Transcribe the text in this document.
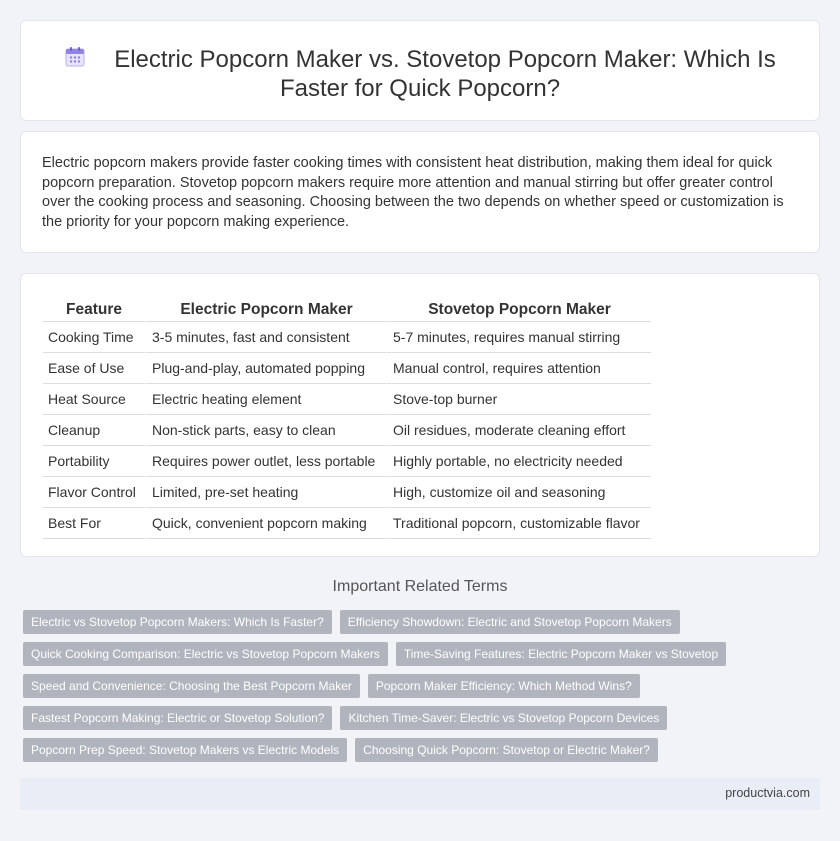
Electric Popcorn Maker vs. Stovetop Popcorn Maker: Which Is Faster for Quick Popcorn?

Electric popcorn makers provide faster cooking times with consistent heat distribution, making them ideal for quick popcorn preparation. Stovetop popcorn makers require more attention and manual stirring but offer greater control over the cooking process and seasoning. Choosing between the two depends on whether speed or customization is the priority for your popcorn making experience.

Feature	Electric Popcorn Maker	Stovetop Popcorn Maker
Cooking Time	3-5 minutes, fast and consistent	5-7 minutes, requires manual stirring
Ease of Use	Plug-and-play, automated popping	Manual control, requires attention
Heat Source	Electric heating element	Stove-top burner
Cleanup	Non-stick parts, easy to clean	Oil residues, moderate cleaning effort
Portability	Requires power outlet, less portable	Highly portable, no electricity needed
Flavor Control	Limited, pre-set heating	High, customize oil and seasoning
Best For	Quick, convenient popcorn making	Traditional popcorn, customizable flavor
Important Related Terms
Electric vs Stovetop Popcorn Makers: Which Is Faster?	Efficiency Showdown: Electric and Stovetop Popcorn Makers
Quick Cooking Comparison: Electric vs Stovetop Popcorn Makers	Time-Saving Features: Electric Popcorn Maker vs Stovetop
Speed and Convenience: Choosing the Best Popcorn Maker	Popcorn Maker Efficiency: Which Method Wins?
Fastest Popcorn Making: Electric or Stovetop Solution?	Kitchen Time-Saver: Electric vs Stovetop Popcorn Devices
Popcorn Prep Speed: Stovetop Makers vs Electric Models	Choosing Quick Popcorn: Stovetop or Electric Maker?
productvia.com
